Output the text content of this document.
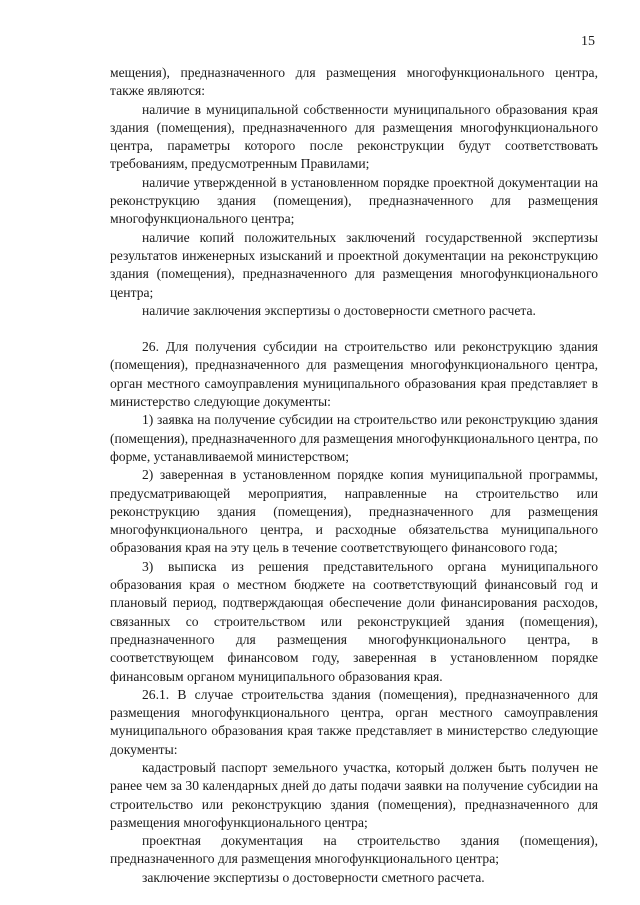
15

мещения), предназначенного для размещения многофункционального центра, также являются:

наличие в муниципальной собственности муниципального образования края здания (помещения), предназначенного для размещения многофункционального центра, параметры которого после реконструкции будут соответствовать требованиям, предусмотренным Правилами;

наличие утвержденной в установленном порядке проектной документации на реконструкцию здания (помещения), предназначенного для размещения многофункционального центра;

наличие копий положительных заключений государственной экспертизы результатов инженерных изысканий и проектной документации на реконструкцию здания (помещения), предназначенного для размещения многофункционального центра;

наличие заключения экспертизы о достоверности сметного расчета.

26. Для получения субсидии на строительство или реконструкцию здания (помещения), предназначенного для размещения многофункционального центра, орган местного самоуправления муниципального образования края представляет в министерство следующие документы:

1) заявка на получение субсидии на строительство или реконструкцию здания (помещения), предназначенного для размещения многофункционального центра, по форме, устанавливаемой министерством;

2) заверенная в установленном порядке копия муниципальной программы, предусматривающей мероприятия, направленные на строительство или реконструкцию здания (помещения), предназначенного для размещения многофункционального центра, и расходные обязательства муниципального образования края на эту цель в течение соответствующего финансового года;

3) выписка из решения представительного органа муниципального образования края о местном бюджете на соответствующий финансовый год и плановый период, подтверждающая обеспечение доли финансирования расходов, связанных со строительством или реконструкцией здания (помещения), предназначенного для размещения многофункционального центра, в соответствующем финансовом году, заверенная в установленном порядке финансовым органом муниципального образования края.

26.1. В случае строительства здания (помещения), предназначенного для размещения многофункционального центра, орган местного самоуправления муниципального образования края также представляет в министерство следующие документы:

кадастровый паспорт земельного участка, который должен быть получен не ранее чем за 30 календарных дней до даты подачи заявки на получение субсидии на строительство или реконструкцию здания (помещения), предназначенного для размещения многофункционального центра;

проектная документация на строительство здания (помещения), предназначенного для размещения многофункционального центра;

заключение экспертизы о достоверности сметного расчета.
